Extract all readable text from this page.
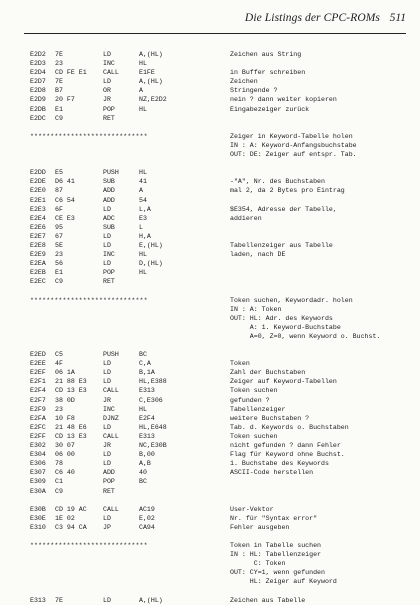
Die Listings der CPC-ROMs 511
E2D2 7E	LD	A,(HL)	Zeichen aus String
E2D3 23	INC	HL
E2D4 CD FE E1 CALL	E1FE	in Buffer schreiben
E2D7 7E	LD	A,(HL)	Zeichen
E2D8 B7	OR	A	Stringende ?
E2D9 20 F7	JR	NZ,E2D2	nein ? dann weiter kopieren
E2DB E1	POP	HL	Eingabezeiger zurück
E2DC C9	RET
*****************************	Zeiger in Keyword-Tabelle holen
IN : A: Keyword-Anfangsbuchstabe
OUT: DE: Zeiger auf entspr. Tab.
E2DD E5	PUSH	HL
E2DE D6 41	SUB	41	-"A", Nr. des Buchstaben
E2E0 87	ADD	A	mal 2, da 2 Bytes pro Eintrag
E2E1 C6 54	ADD	54
E2E3 6F	LD	L,A	$E354, Adresse der Tabelle,
E2E4 CE E3	ADC	E3	addieren
E2E6 95	SUB	L
E2E7 67	LD	H,A
E2E8 5E	LD	E,(HL)	Tabellenzeiger aus Tabelle
E2E9 23	INC	HL	laden, nach DE
E2EA 56	LD	D,(HL)
E2EB E1	POP	HL
E2EC C9	RET
*****************************	Token suchen, Keywordadr. holen
IN : A: Token
OUT: HL: Adr. des Keywords
A: 1. Keyword-Buchstabe
A=0, Z=0, wenn Keyword o. Buchst.
E2ED C5	PUSH	BC
E2EE 4F	LD	C,A	Token
E2EF 06 1A	LD	B,1A	Zahl der Buchstaben
E2F1 21 88 E3 LD	HL,E388	Zeiger auf Keyword-Tabellen
E2F4 CD 13 E3 CALL	E313	Token suchen
E2F7 38 0D	JR	C,E306	gefunden ?
E2F9 23	INC	HL	Tabellenzeiger
E2FA 10 F8	DJNZ	E2F4	weitere Buchstaben ?
E2FC 21 48 E6 LD	HL,E648	Tab. d. Keywords o. Buchstaben
E2FF CD 13 E3 CALL	E313	Token suchen
E302 30 07	JR	NC,E30B	nicht gefunden ? dann Fehler
E304 06 00	LD	B,00	Flag für Keyword ohne Buchst.
E306 78	LD	A,B	1. Buchstabe des Keywords
E307 C6 40	ADD	40	ASCII-Code herstellen
E309 C1	POP	BC
E30A C9	RET
E30B CD 19 AC CALL	AC19	User-Vektor
E30E 1E 02	LD	E,02	Nr. für "Syntax error"
E310 C3 94 CA JP	CA94	Fehler ausgeben
*****************************	Token in Tabelle suchen
IN : HL: Tabellenzeiger
C: Token
OUT: CY=1, wenn gefunden
HL: Zeiger auf Keyword
E313 7E	LD	A,(HL)	Zeichen aus Tabelle
